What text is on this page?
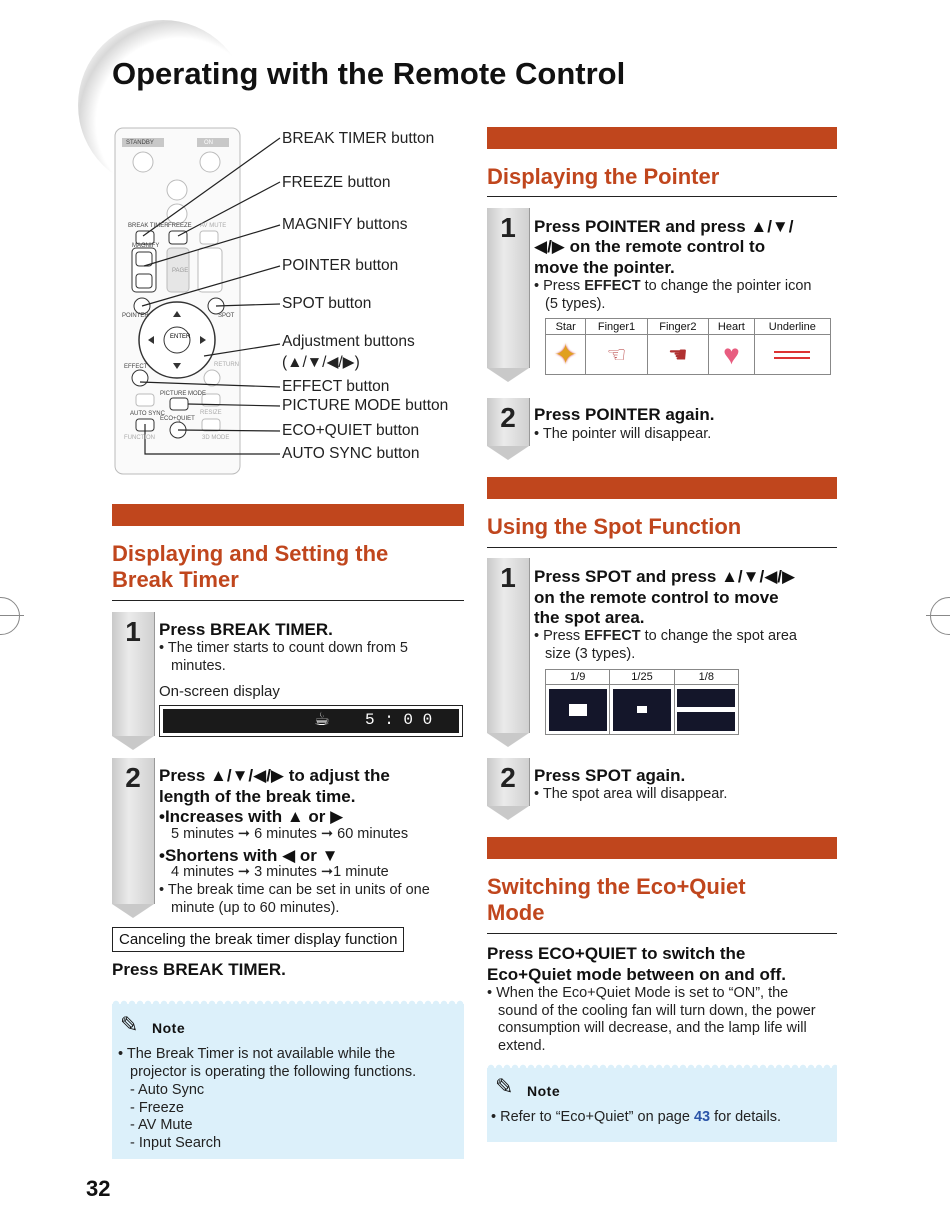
Operating with the Remote Control
ENTER
STANDBY	ON
BREAK TIMER FREEZE AV MUTE
MAGNIFY
PAGE
POINTER	SPOT
EFFECT	RETURN
PICTURE MODE
AUTO SYNC
ECO+QUIET
RESIZE
FUNCTION	3D MODE
BREAK TIMER button
FREEZE button
MAGNIFY buttons
POINTER button
SPOT button
Adjustment buttons
(▲/▼/◀/▶)
EFFECT button
PICTURE MODE button
ECO+QUIET button
AUTO SYNC button
Displaying and Setting the
Break Timer
1	Press BREAK TIMER.
• The timer starts to count down from 5
minutes.
On-screen display
☕ 5 : 0 0
2	Press ▲/▼/◀/▶ to adjust the
length of the break time.
•Increases with ▲ or ▶
5 minutes ➞ 6 minutes ➞ 60 minutes
•Shortens with ◀ or ▼
4 minutes ➞ 3 minutes ➞1 minute
• The break time can be set in units of one
minute (up to 60 minutes).
Canceling the break timer display function
Press BREAK TIMER.
✎ Note
• The Break Timer is not available while the
projector is operating the following functions.
- Auto Sync
- Freeze
- AV Mute
- Input Search
32
Displaying the Pointer
1	Press POINTER and press ▲/▼/
◀/▶ on the remote control to
move the pointer.
• Press EFFECT to change the pointer icon
(5 types).
Star	Finger1	Finger2	Heart	Underline
✦	☜	☚	♥	
2	Press POINTER again.
• The pointer will disappear.
Using the Spot Function
1	Press SPOT and press ▲/▼/◀/▶
on the remote control to move
the spot area.
• Press EFFECT to change the spot area
size (3 types).
1/9	1/25	1/8

2	Press SPOT again.
• The spot area will disappear.
Switching the Eco+Quiet
Mode
Press ECO+QUIET to switch the
Eco+Quiet mode between on and off.
• When the Eco+Quiet Mode is set to “ON”, the
sound of the cooling fan will turn down, the power
consumption will decrease, and the lamp life will
extend.
✎ Note
• Refer to “Eco+Quiet” on page 43 for details.
